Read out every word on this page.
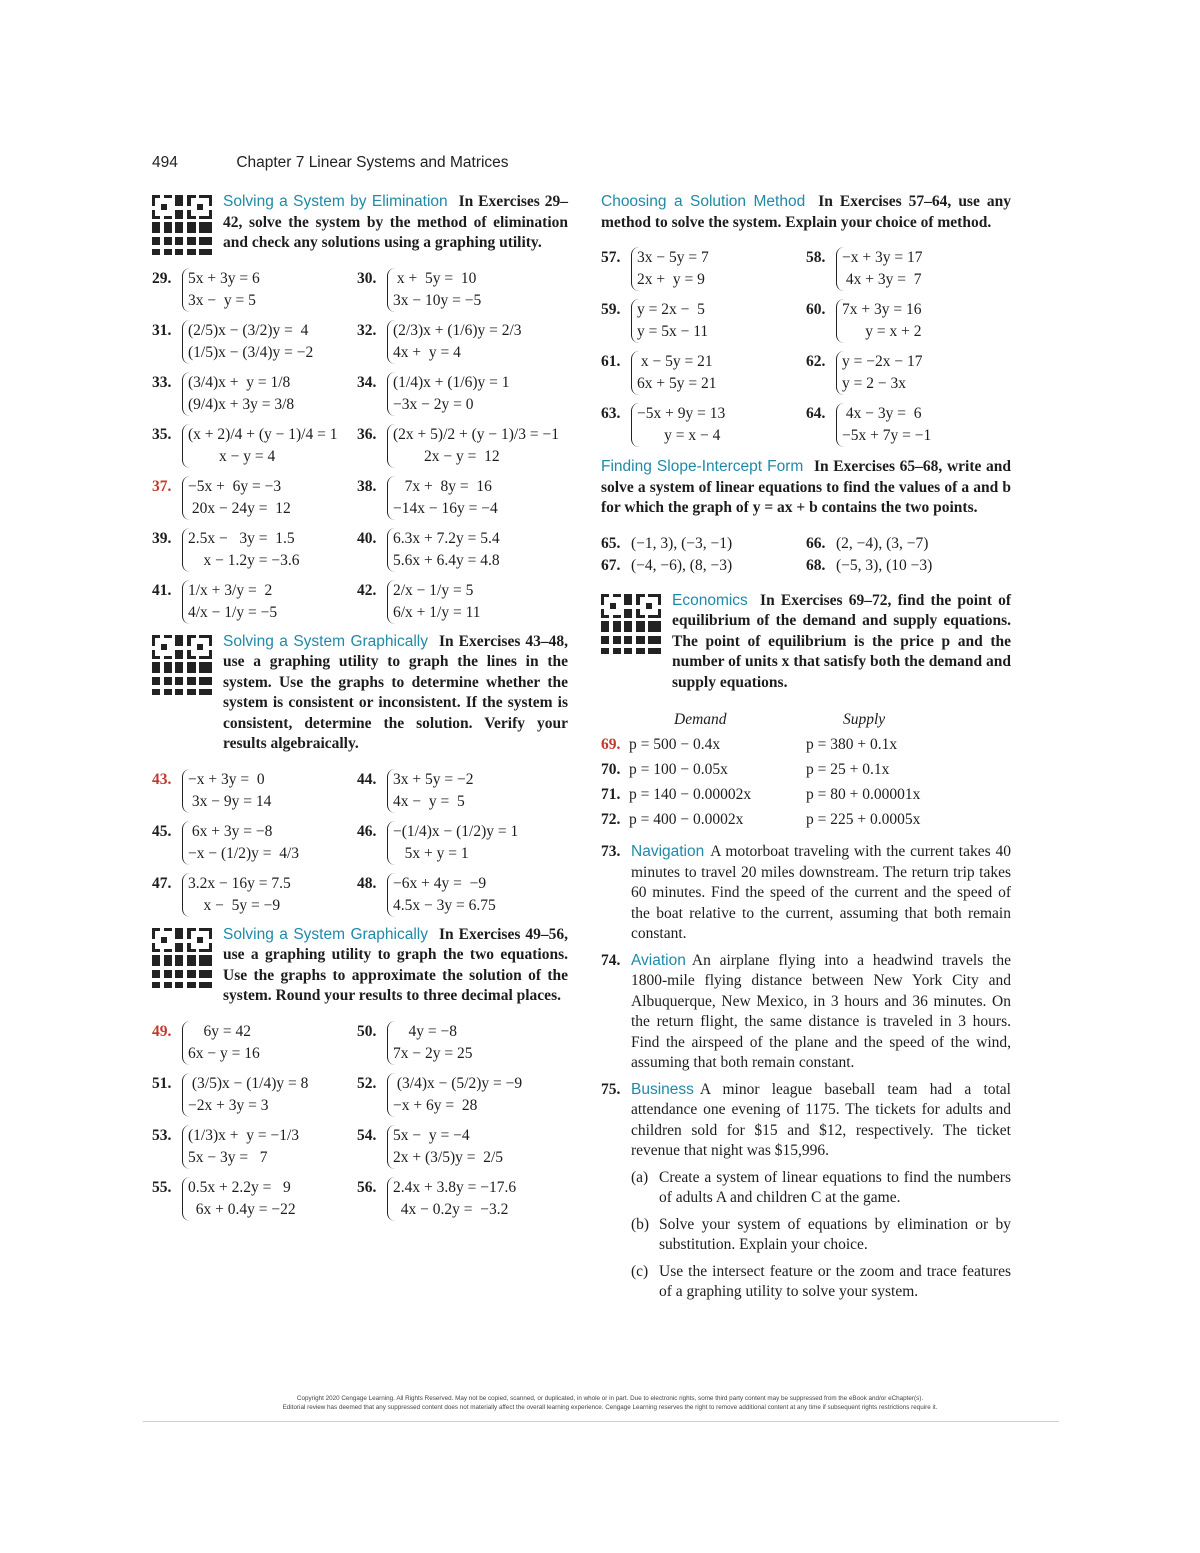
494	Chapter 7 Linear Systems and Matrices
Solving a System by Elimination In Exercises 29–42, solve the system by the method of elimination and check any solutions using a graphing utility.
29.	5x + 3y = 6
3x −  y = 5
30.	x +  5y =  10
3x − 10y = −5
31.	(2/5)x − (3/2)y =  4
(1/5)x − (3/4)y = −2
32.	(2/3)x + (1/6)y = 2/3
4x +  y = 4
33.	(3/4)x +  y = 1/8
(9/4)x + 3y = 3/8
34.	(1/4)x + (1/6)y = 1
−3x − 2y = 0
35.	(x + 2)/4 + (y − 1)/4 = 1
x − y = 4
36.	(2x + 5)/2 + (y − 1)/3 = −1
2x − y =  12
37.	−5x +  6y = −3
20x − 24y =  12
38.	7x +  8y =  16
−14x − 16y = −4
39.	2.5x −   3y =  1.5
x − 1.2y = −3.6
40.	6.3x + 7.2y = 5.4
5.6x + 6.4y = 4.8
41.	1/x + 3/y =  2
4/x − 1/y = −5
42.	2/x − 1/y = 5
6/x + 1/y = 11
Solving a System Graphically In Exercises 43–48, use a graphing utility to graph the lines in the system. Use the graphs to determine whether the system is consistent or inconsistent. If the system is consistent, determine the solution. Verify your results algebraically.
43.	−x + 3y =  0
3x − 9y = 14
44.	3x + 5y = −2
4x −  y =  5
45.	6x + 3y = −8
−x − (1/2)y =  4/3
46.	−(1/4)x − (1/2)y = 1
5x + y = 1
47.	3.2x − 16y = 7.5
x −  5y = −9
48.	−6x + 4y =  −9
4.5x − 3y = 6.75
Solving a System Graphically In Exercises 49–56, use a graphing utility to graph the two equations. Use the graphs to approximate the solution of the system. Round your results to three decimal places.
49.	6y = 42
6x − y = 16
50.	4y = −8
7x − 2y = 25
51.	(3/5)x − (1/4)y = 8
−2x + 3y = 3
52.	(3/4)x − (5/2)y = −9
−x + 6y =  28
53.	(1/3)x +  y = −1/3
5x − 3y =   7
54.	5x −  y = −4
2x + (3/5)y =  2/5
55.	0.5x + 2.2y =   9
6x + 0.4y = −22
56.	2.4x + 3.8y = −17.6
4x − 0.2y =  −3.2
Choosing a Solution Method In Exercises 57–64, use any method to solve the system. Explain your choice of method.
57.	3x − 5y = 7
2x +  y = 9
58.	−x + 3y = 17
4x + 3y =  7
59.	y = 2x −  5
y = 5x − 11
60.	7x + 3y = 16
y = x + 2
61.	x − 5y = 21
6x + 5y = 21
62.	y = −2x − 17
y = 2 − 3x
63.	−5x + 9y = 13
y = x − 4
64.	4x − 3y =  6
−5x + 7y = −1
Finding Slope-Intercept Form In Exercises 65–68, write and solve a system of linear equations to find the values of a and b for which the graph of y = ax + b contains the two points.
65. (−1, 3), (−3, −1)	66. (2, −4), (3, −7)
67. (−4, −6), (8, −3)	68. (−5, 3), (10 −3)
Economics In Exercises 69–72, find the point of equilibrium of the demand and supply equations. The point of equilibrium is the price p and the number of units x that satisfy both the demand and supply equations.
Demand	Supply
69. p = 500 − 0.4x	p = 380 + 0.1x
70. p = 100 − 0.05x	p = 25 + 0.1x
71. p = 140 − 0.00002x	p = 80 + 0.00001x
72. p = 400 − 0.0002x	p = 225 + 0.0005x
73. Navigation A motorboat traveling with the current takes 40 minutes to travel 20 miles downstream. The return trip takes 60 minutes. Find the speed of the current and the speed of the boat relative to the current, assuming that both remain constant.
74. Aviation An airplane flying into a headwind travels the 1800-mile flying distance between New York City and Albuquerque, New Mexico, in 3 hours and 36 minutes. On the return flight, the same distance is traveled in 3 hours. Find the airspeed of the plane and the speed of the wind, assuming that both remain constant.
75. Business A minor league baseball team had a total attendance one evening of 1175. The tickets for adults and children sold for $15 and $12, respectively. The ticket revenue that night was $15,996.
(a) Create a system of linear equations to find the numbers of adults A and children C at the game.
(b) Solve your system of equations by elimination or by substitution. Explain your choice.
(c) Use the intersect feature or the zoom and trace features of a graphing utility to solve your system.
Copyright 2020 Cengage Learning. All Rights Reserved. May not be copied, scanned, or duplicated, in whole or in part. Due to electronic rights, some third party content may be suppressed from the eBook and/or eChapter(s).
Editorial review has deemed that any suppressed content does not materially affect the overall learning experience. Cengage Learning reserves the right to remove additional content at any time if subsequent rights restrictions require it.
